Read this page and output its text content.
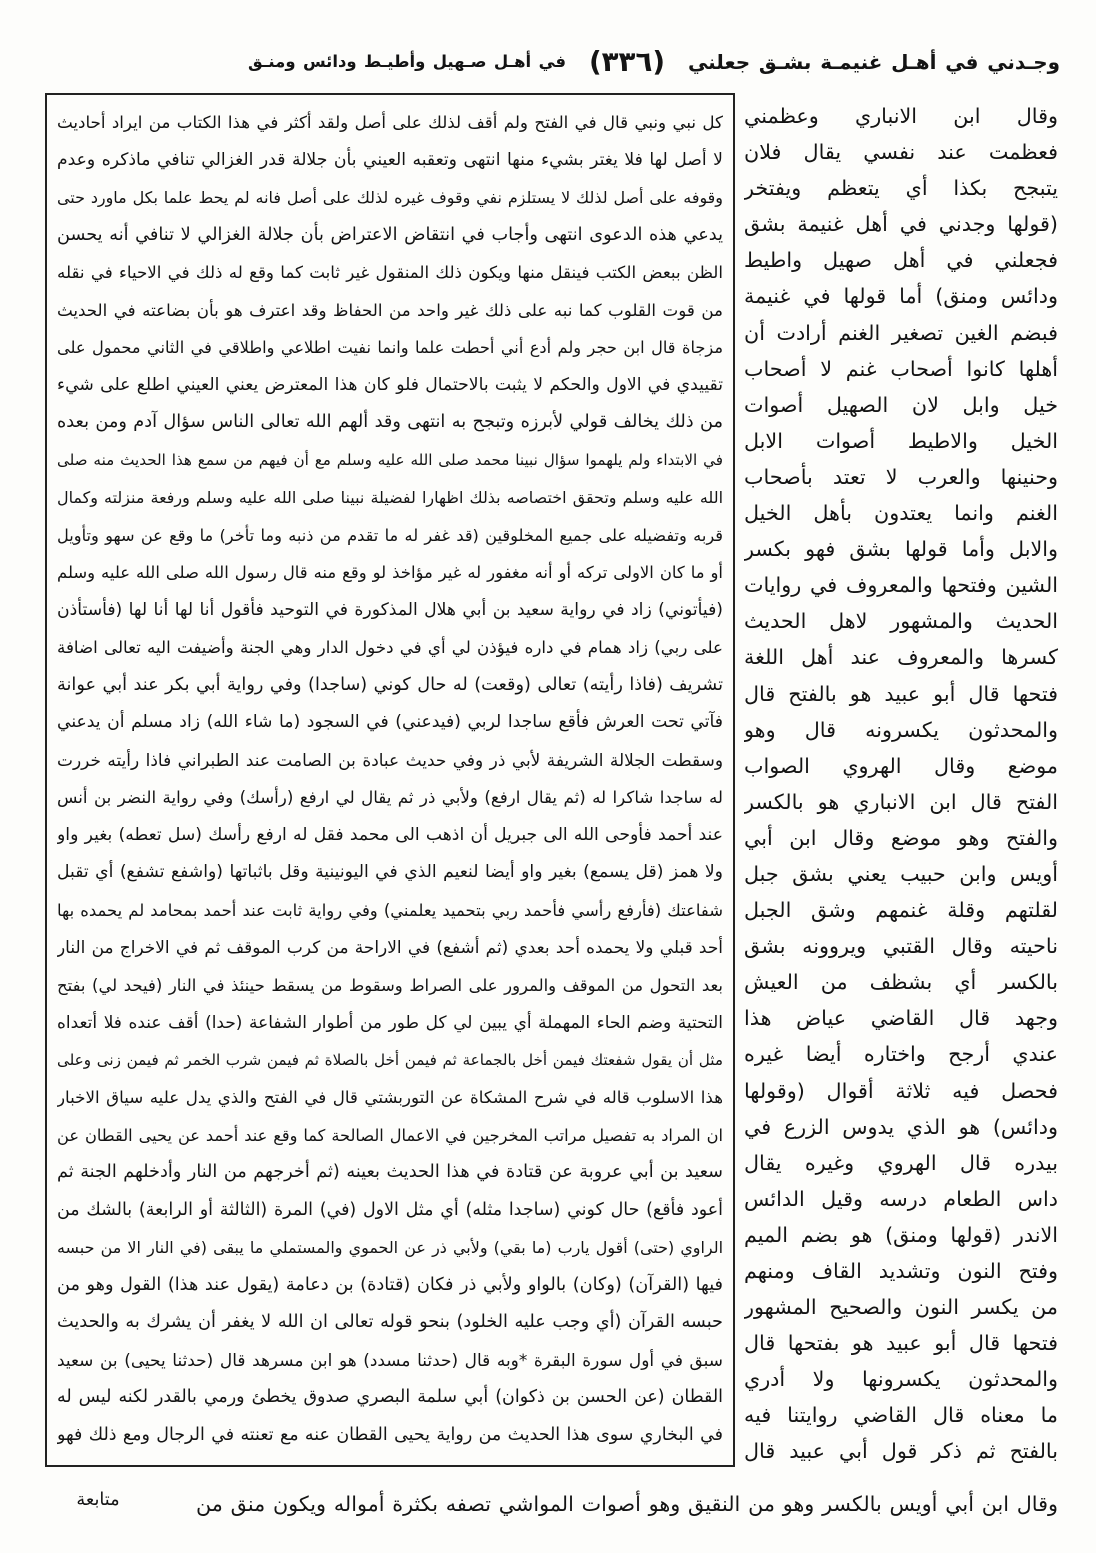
وجـدني في أهـل غنيمـة بشـق جعلني
(٣٣٦)
في أهـل صـهيل وأطيـط ودائس ومنـق
كل نبي ونبي قال في الفتح ولم أقف لذلك على أصل ولقد أكثر في هذا الكتاب من ايراد أحاديث
لا أصل لها فلا يغتر بشيء منها انتهى وتعقبه العيني بأن جلالة قدر الغزالي تنافي ماذكره وعدم
وقوفه على أصل لذلك لا يستلزم نفي وقوف غيره لذلك على أصل فانه لم يحط علما بكل ماورد حتى
يدعي هذه الدعوى انتهى وأجاب في انتقاض الاعتراض بأن جلالة الغزالي لا تنافي أنه يحسن
الظن ببعض الكتب فينقل منها ويكون ذلك المنقول غير ثابت كما وقع له ذلك في الاحياء في نقله
من قوت القلوب كما نبه على ذلك غير واحد من الحفاظ وقد اعترف هو بأن بضاعته في الحديث
مزجاة قال ابن حجر ولم أدع أني أحطت علما وانما نفيت اطلاعي واطلاقي في الثاني محمول على
تقييدي في الاول والحكم لا يثبت بالاحتمال فلو كان هذا المعترض يعني العيني اطلع على شيء
من ذلك يخالف قولي لأبرزه وتبجح به انتهى وقد ألهم الله تعالى الناس سؤال آدم ومن بعده
في الابتداء ولم يلهموا سؤال نبينا محمد صلى الله عليه وسلم مع أن فيهم من سمع هذا الحديث منه صلى
الله عليه وسلم وتحقق اختصاصه بذلك اظهارا لفضيلة نبينا صلى الله عليه وسلم ورفعة منزلته وكمال
قربه وتفضيله على جميع المخلوقين (قد غفر له ما تقدم من ذنبه وما تأخر) ما وقع عن سهو وتأويل
أو ما كان الاولى تركه أو أنه مغفور له غير مؤاخذ لو وقع منه قال رسول الله صلى الله عليه وسلم
(فيأتوني) زاد في رواية سعيد بن أبي هلال المذكورة في التوحيد فأقول أنا لها أنا لها (فأستأذن
على ربي) زاد همام في داره فيؤذن لي أي في دخول الدار وهي الجنة وأضيفت اليه تعالى اضافة
تشريف (فاذا رأيته) تعالى (وقعت) له حال كوني (ساجدا) وفي رواية أبي بكر عند أبي عوانة
فآتي تحت العرش فأقع ساجدا لربي (فيدعني) في السجود (ما شاء الله) زاد مسلم أن يدعني
وسقطت الجلالة الشريفة لأبي ذر وفي حديث عبادة بن الصامت عند الطبراني فاذا رأيته خررت
له ساجدا شاكرا له (ثم يقال ارفع) ولأبي ذر ثم يقال لي ارفع (رأسك) وفي رواية النضر بن أنس
عند أحمد فأوحى الله الى جبريل أن اذهب الى محمد فقل له ارفع رأسك (سل تعطه) بغير واو
ولا همز (قل يسمع) بغير واو أيضا لنعيم الذي في اليونينية وقل باثباتها (واشفع تشفع) أي تقبل
شفاعتك (فأرفع رأسي فأحمد ربي بتحميد يعلمني) وفي رواية ثابت عند أحمد بمحامد لم يحمده بها
أحد قبلي ولا يحمده أحد بعدي (ثم أشفع) في الاراحة من كرب الموقف ثم في الاخراج من النار
بعد التحول من الموقف والمرور على الصراط وسقوط من يسقط حينئذ في النار (فيحد لي) بفتح
التحتية وضم الحاء المهملة أي يبين لي كل طور من أطوار الشفاعة (حدا) أقف عنده فلا أتعداه
مثل أن يقول شفعتك فيمن أخل بالجماعة ثم فيمن أخل بالصلاة ثم فيمن شرب الخمر ثم فيمن زنى وعلى
هذا الاسلوب قاله في شرح المشكاة عن التوربشتي قال في الفتح والذي يدل عليه سياق الاخبار
ان المراد به تفصيل مراتب المخرجين في الاعمال الصالحة كما وقع عند أحمد عن يحيى القطان عن
سعيد بن أبي عروبة عن قتادة في هذا الحديث بعينه (ثم أخرجهم من النار وأدخلهم الجنة ثم
أعود فأقع) حال كوني (ساجدا مثله) أي مثل الاول (في) المرة (الثالثة أو الرابعة) بالشك من
الراوي (حتى) أقول يارب (ما بقي) ولأبي ذر عن الحموي والمستملي ما يبقى (في النار الا من حبسه
فيها (القرآن) (وكان) بالواو ولأبي ذر فكان (قتادة) بن دعامة (يقول عند هذا) القول وهو من
حبسه القرآن (أي وجب عليه الخلود) بنحو قوله تعالى ان الله لا يغفر أن يشرك به والحديث
سبق في أول سورة البقرة *وبه قال (حدثنا مسدد) هو ابن مسرهد قال (حدثنا يحيى) بن سعيد
القطان (عن الحسن بن ذكوان) أبي سلمة البصري صدوق يخطئ ورمي بالقدر لكنه ليس له
في البخاري سوى هذا الحديث من رواية يحيى القطان عنه مع تعنته في الرجال ومع ذلك فهو
وقال ابن الانباري وعظمني
فعظمت عند نفسي يقال فلان
يتبجح بكذا أي يتعظم ويفتخر
(قولها وجدني في أهل غنيمة بشق
فجعلني في أهل صهيل واطيط
ودائس ومنق) أما قولها في غنيمة
فبضم الغين تصغير الغنم أرادت أن
أهلها كانوا أصحاب غنم لا أصحاب
خيل وابل لان الصهيل أصوات
الخيل والاطيط أصوات الابل
وحنينها والعرب لا تعتد بأصحاب
الغنم وانما يعتدون بأهل الخيل
والابل وأما قولها بشق فهو بكسر
الشين وفتحها والمعروف في روايات
الحديث والمشهور لاهل الحديث
كسرها والمعروف عند أهل اللغة
فتحها قال أبو عبيد هو بالفتح قال
والمحدثون يكسرونه قال وهو
موضع وقال الهروي الصواب
الفتح قال ابن الانباري هو بالكسر
والفتح وهو موضع وقال ابن أبي
أويس وابن حبيب يعني بشق جبل
لقلتهم وقلة غنمهم وشق الجبل
ناحيته وقال القتبي ويروونه بشق
بالكسر أي بشظف من العيش
وجهد قال القاضي عياض هذا
عندي أرجح واختاره أيضا غيره
فحصل فيه ثلاثة أقوال (وقولها
ودائس) هو الذي يدوس الزرع في
بيدره قال الهروي وغيره يقال
داس الطعام درسه وقيل الدائس
الاندر (قولها ومنق) هو بضم الميم
وفتح النون وتشديد القاف ومنهم
من يكسر النون والصحيح المشهور
فتحها قال أبو عبيد هو بفتحها قال
والمحدثون يكسرونها ولا أدري
ما معناه قال القاضي روايتنا فيه
بالفتح ثم ذكر قول أبي عبيد قال
وقال ابن أبي أويس بالكسر وهو من النقيق وهو أصوات المواشي تصفه بكثرة أمواله ويكون منق من
متابعة
